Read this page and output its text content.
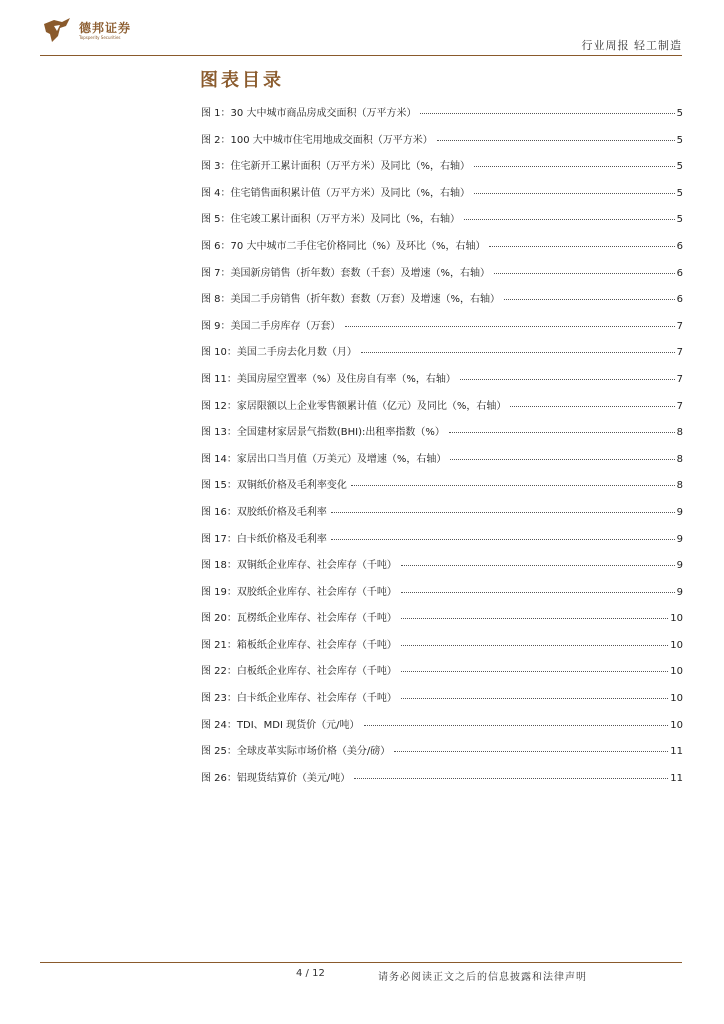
德邦证券
Topsperity Securities
行业周报 轻工制造
图表目录
图 1：30 大中城市商品房成交面积（万平方米）	5
图 2：100 大中城市住宅用地成交面积（万平方米）	5
图 3：住宅新开工累计面积（万平方米）及同比（%，右轴）	5
图 4：住宅销售面积累计值（万平方米）及同比（%，右轴）	5
图 5：住宅竣工累计面积（万平方米）及同比（%，右轴）	5
图 6：70 大中城市二手住宅价格同比（%）及环比（%，右轴）	6
图 7：美国新房销售（折年数）套数（千套）及增速（%，右轴）	6
图 8：美国二手房销售（折年数）套数（万套）及增速（%，右轴）	6
图 9：美国二手房库存（万套）	7
图 10：美国二手房去化月数（月）	7
图 11：美国房屋空置率（%）及住房自有率（%，右轴）	7
图 12：家居限额以上企业零售额累计值（亿元）及同比（%，右轴）	7
图 13：全国建材家居景气指数(BHI):出租率指数（%）	8
图 14：家居出口当月值（万美元）及增速（%，右轴）	8
图 15：双铜纸价格及毛利率变化	8
图 16：双胶纸价格及毛利率	9
图 17：白卡纸价格及毛利率	9
图 18：双铜纸企业库存、社会库存（千吨）	9
图 19：双胶纸企业库存、社会库存（千吨）	9
图 20：瓦楞纸企业库存、社会库存（千吨）	10
图 21：箱板纸企业库存、社会库存（千吨）	10
图 22：白板纸企业库存、社会库存（千吨）	10
图 23：白卡纸企业库存、社会库存（千吨）	10
图 24：TDI、MDI 现货价（元/吨）	10
图 25：全球皮革实际市场价格（美分/磅）	11
图 26：铝现货结算价（美元/吨）	11
4 / 12	请务必阅读正文之后的信息披露和法律声明
